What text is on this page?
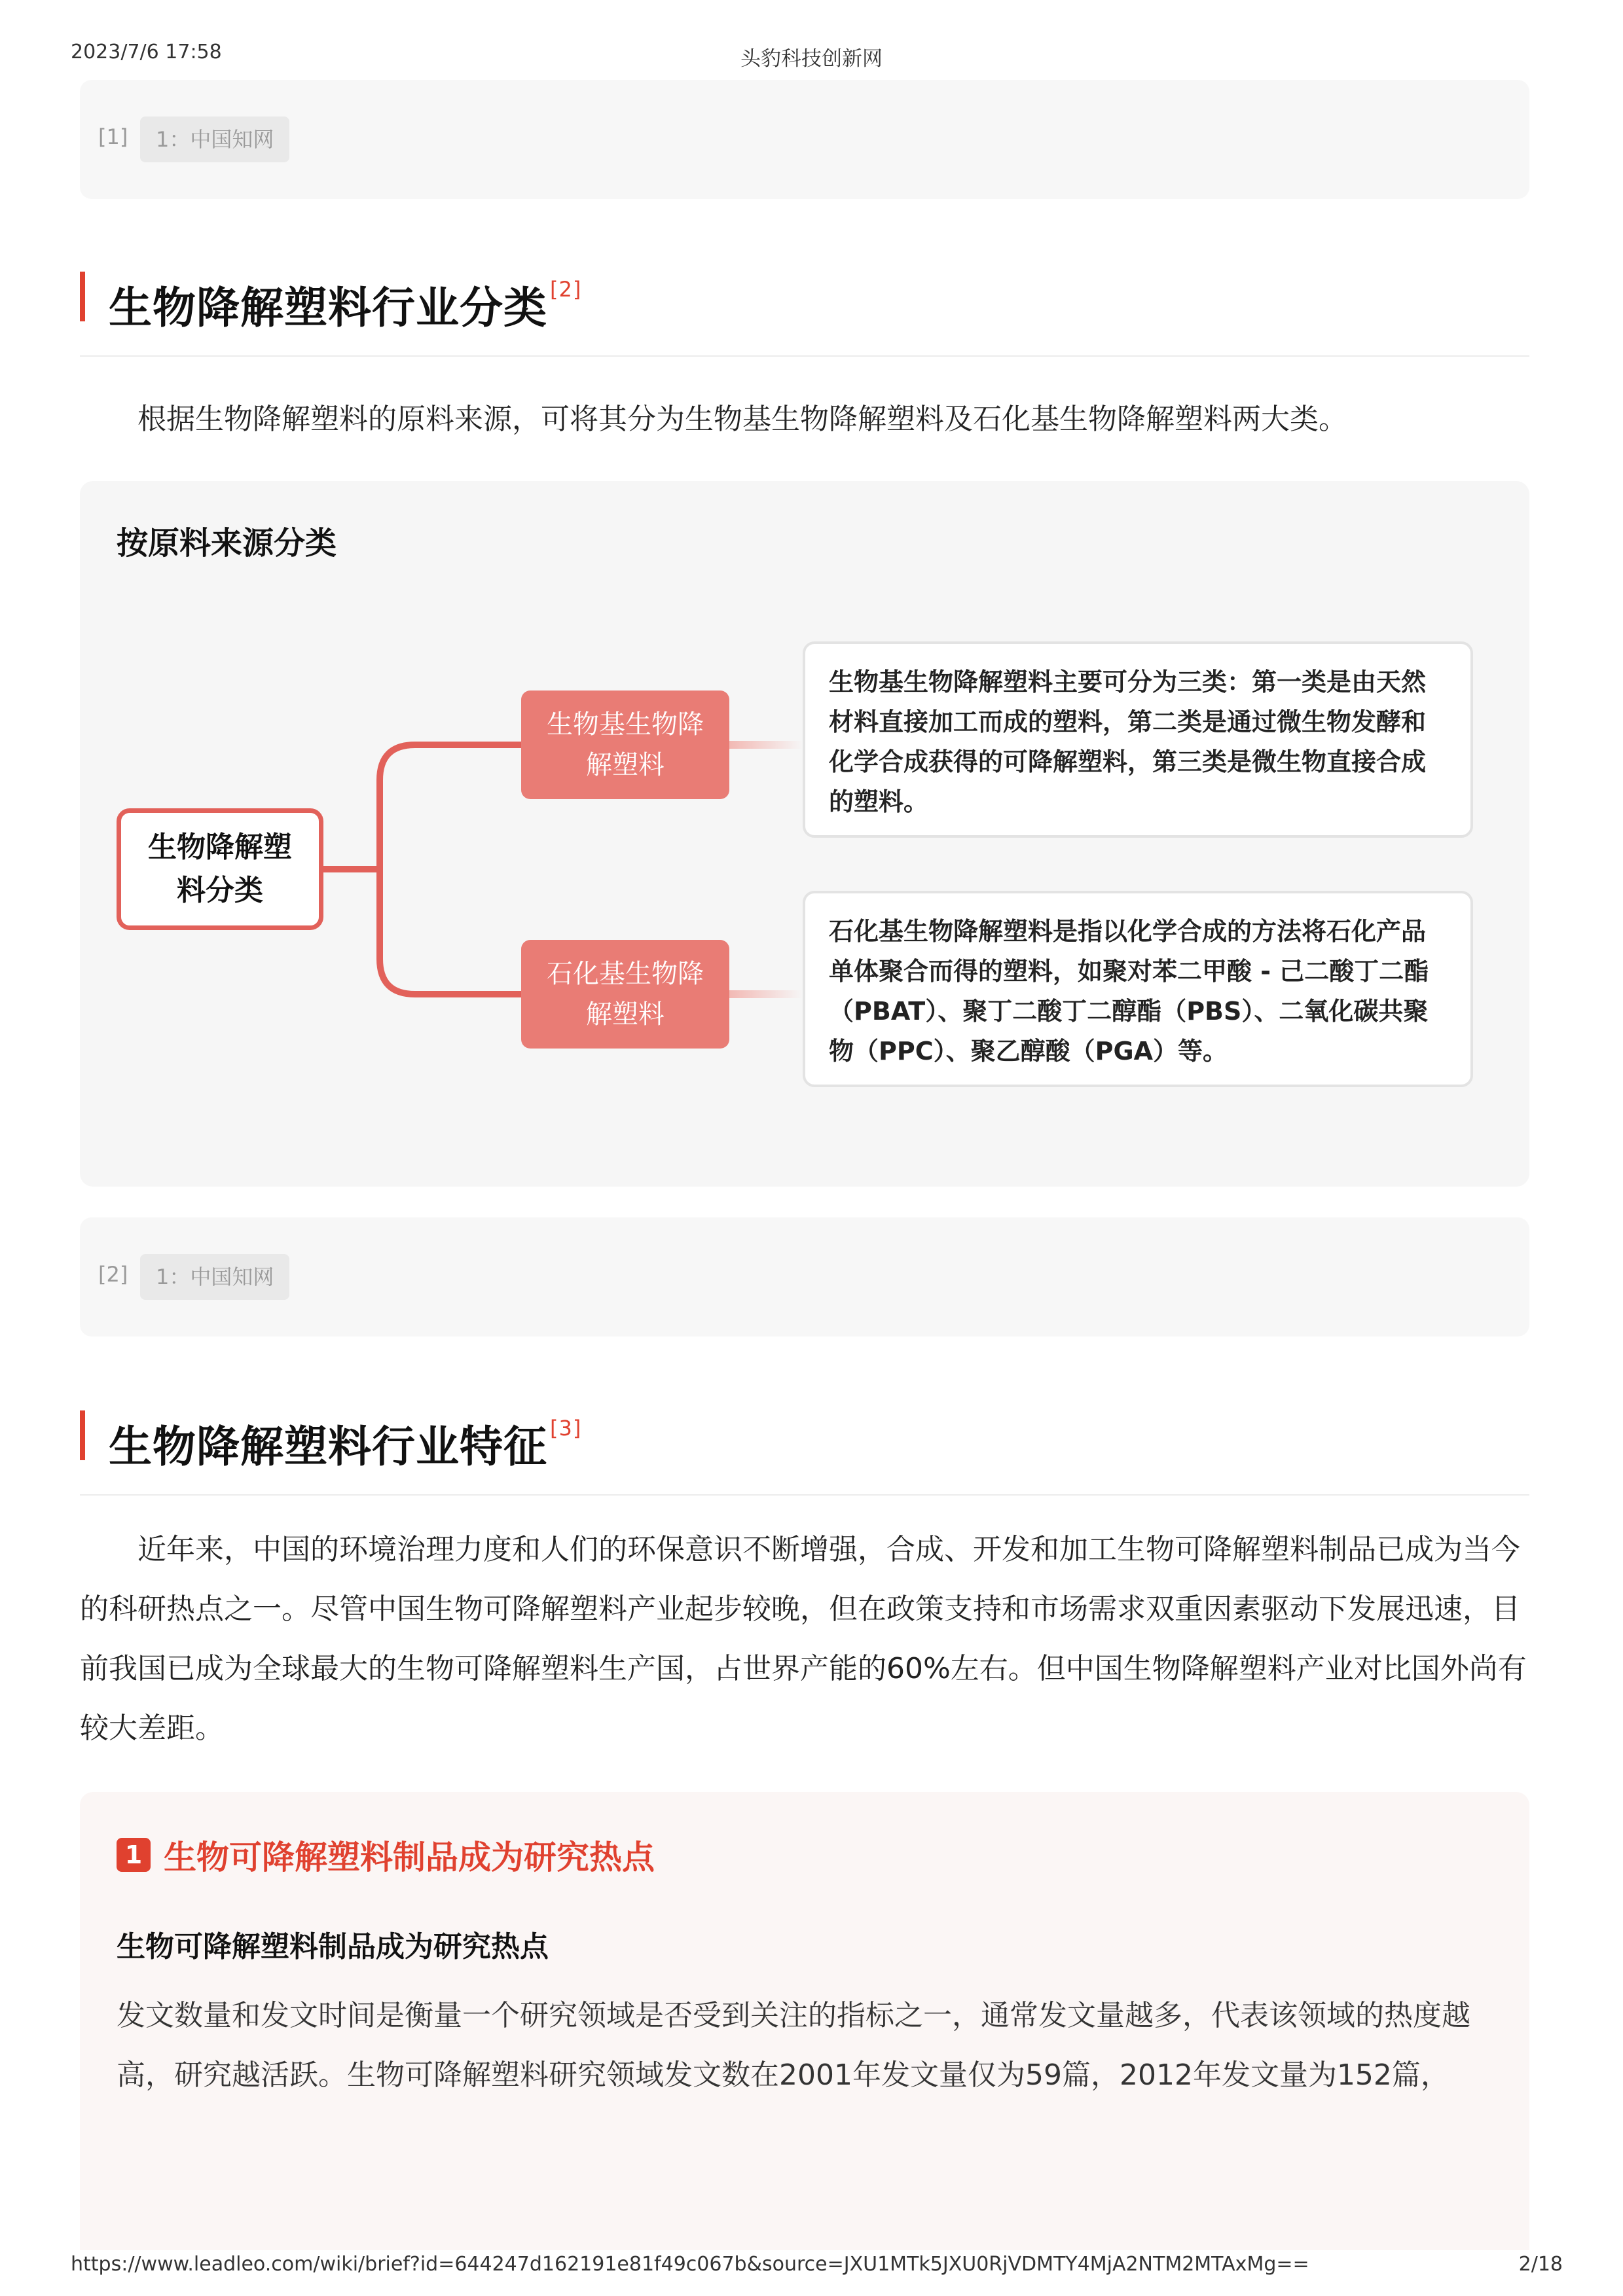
2023/7/6 17:58	头豹科技创新网
[1]	1：中国知网
生物降解塑料行业分类 [2]
根据生物降解塑料的原料来源，可将其分为生物基生物降解塑料及石化基生物降解塑料两大类。
按原料来源分类
生物降解塑料分类
生物基生物降解塑料
生物基生物降解塑料主要可分为三类：第一类是由天然材料直接加工而成的塑料，第二类是通过微生物发酵和化学合成获得的可降解塑料，第三类是微生物直接合成的塑料。
石化基生物降解塑料
石化基生物降解塑料是指以化学合成的方法将石化产品单体聚合而得的塑料，如聚对苯二甲酸 - 己二酸丁二酯（PBAT）、聚丁二酸丁二醇酯（PBS）、二氧化碳共聚物（PPC）、聚乙醇酸（PGA）等。
[2]	1：中国知网
生物降解塑料行业特征 [3]
近年来，中国的环境治理力度和人们的环保意识不断增强，合成、开发和加工生物可降解塑料制品已成为当今的科研热点之一。尽管中国生物可降解塑料产业起步较晚，但在政策支持和市场需求双重因素驱动下发展迅速，目前我国已成为全球最大的生物可降解塑料生产国，占世界产能的60%左右。但中国生物降解塑料产业对比国外尚有较大差距。
1 生物可降解塑料制品成为研究热点
生物可降解塑料制品成为研究热点
发文数量和发文时间是衡量一个研究领域是否受到关注的指标之一，通常发文量越多，代表该领域的热度越高，研究越活跃。生物可降解塑料研究领域发文数在2001年发文量仅为59篇，2012年发文量为152篇，
https://www.leadleo.com/wiki/brief?id=644247d162191e81f49c067b&source=JXU1MTk5JXU0RjVDMTY4MjA2NTM2MTAxMg==	2/18
